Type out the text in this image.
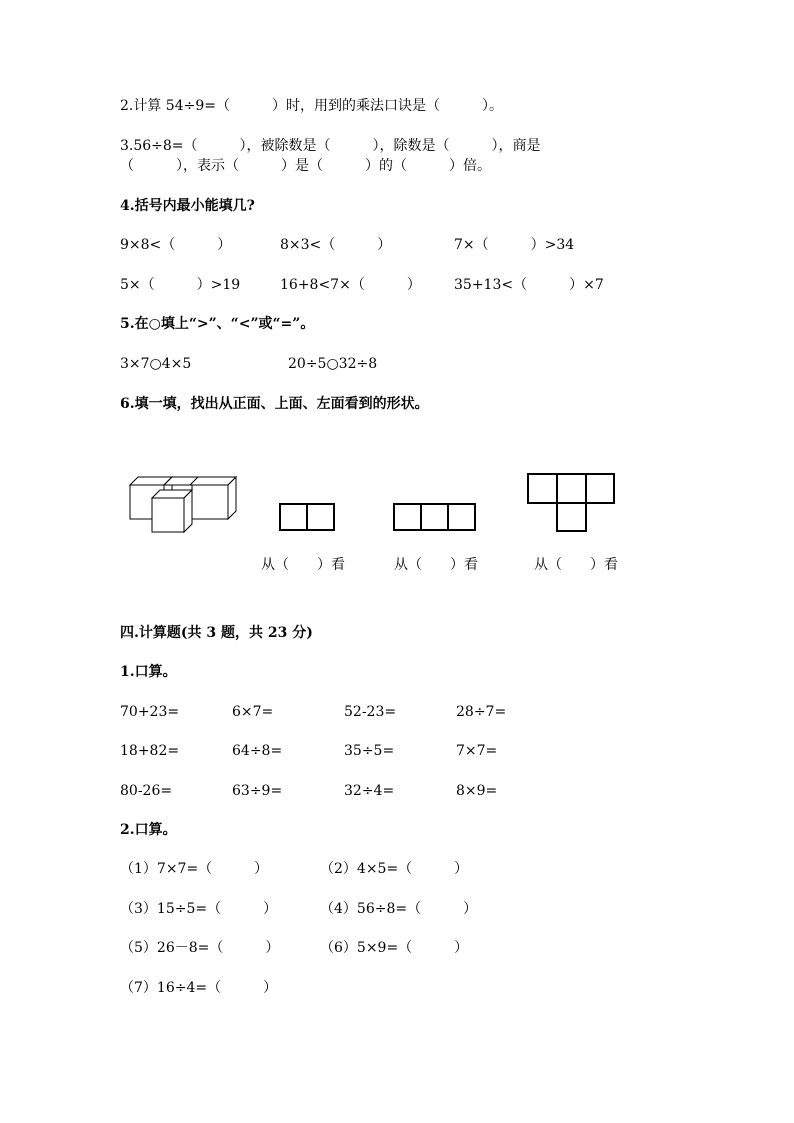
2.计算 54÷9=（　　　）时，用到的乘法口诀是（　　　）。
3.56÷8=（　　　），被除数是（　　　），除数是（　　　），商是
（　　　），表示（　　　）是（　　　）的（　　　）倍。
4.括号内最小能填几?
9×8<（　　　）	8×3<（　　　）	7×（　　　）>34
5×（　　　）>19	16+8<7×（　　　） 35+13<（　　　）×7
5.在○填上“>”、“<”或“=”。
3×7○4×5	20÷5○32÷8
6.填一填，找出从正面、上面、左面看到的形状。
从（　　）看	从（　　）看	从（　　）看
四.计算题(共 3 题，共 23 分)
1.口算。
70+23=	6×7=	52-23=	28÷7=
18+82=	64÷8=	35÷5=	7×7=
80-26=	63÷9=	32÷4=	8×9=
2.口算。
（1）7×7=（　　　）	（2）4×5=（　　　）
（3）15÷5=（　　　）	（4）56÷8=（　　　）
（5）26－8=（　　　）	（6）5×9=（　　　）
（7）16÷4=（　　　）
